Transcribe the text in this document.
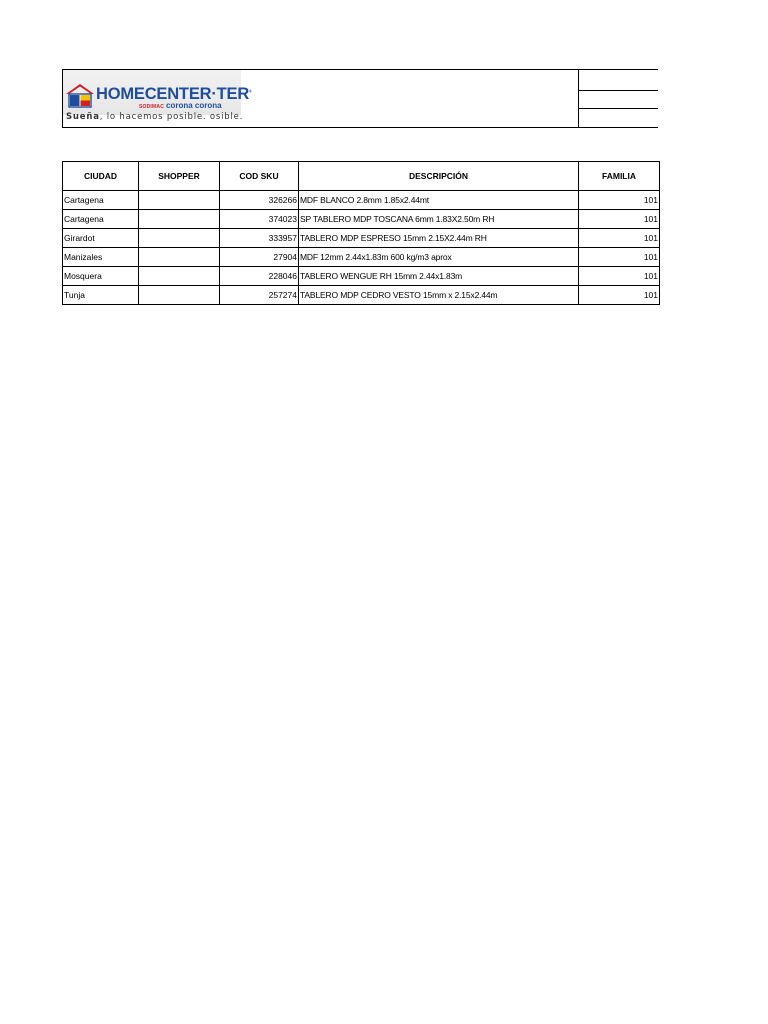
HOMECENTER·TER®
SODIMAC corona corona
Sueña, lo hacemos posible. osible.
CIUDAD	SHOPPER	COD SKU	DESCRIPCIÓN	FAMILIA
Cartagena		326266	MDF BLANCO 2.8mm 1.85x2.44mt	101
Cartagena		374023	SP TABLERO MDP TOSCANA 6mm 1.83X2.50m RH	101
Girardot		333957	TABLERO MDP ESPRESO 15mm 2.15X2.44m RH	101
Manizales		27904	MDF 12mm 2.44x1.83m 600 kg/m3 aprox	101
Mosquera		228046	TABLERO WENGUE RH 15mm 2.44x1.83m	101
Tunja		257274	TABLERO MDP CEDRO VESTO 15mm x 2.15x2.44m	101
